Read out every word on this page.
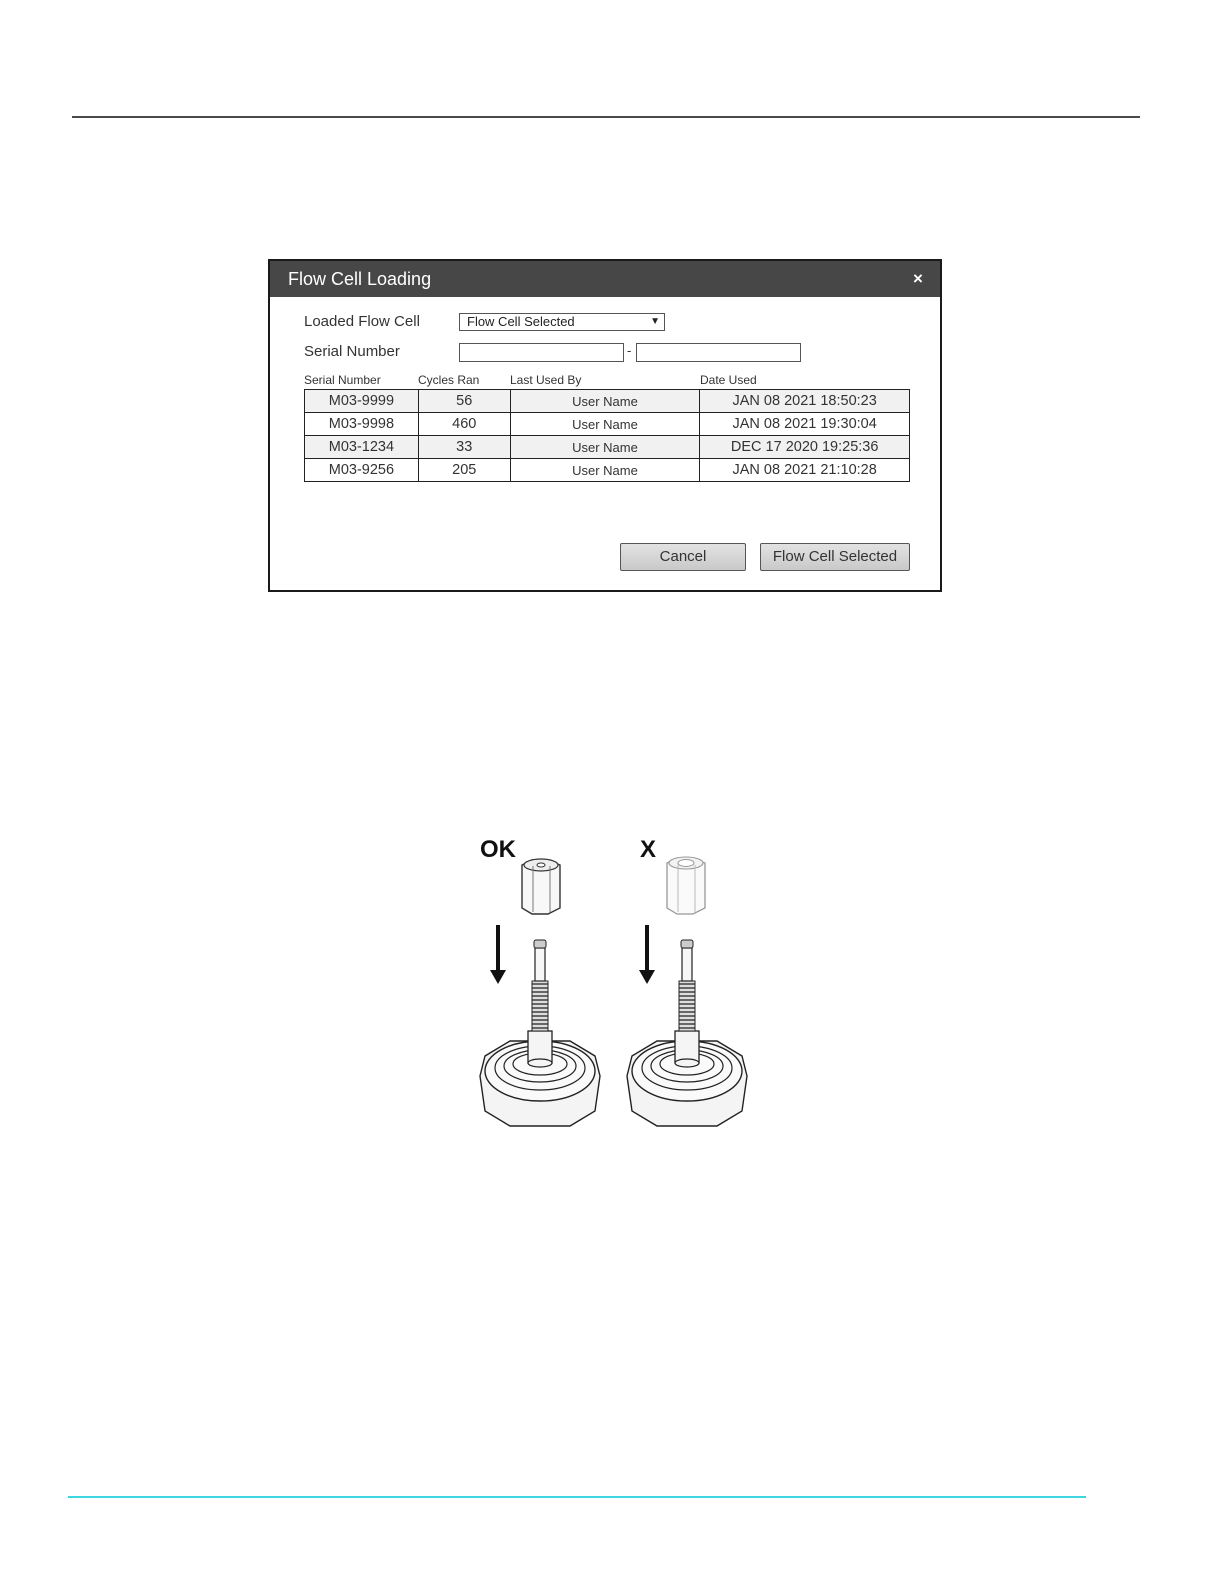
Flow Cell Loading	×
Loaded Flow Cell	Flow Cell Selected	▼
Serial Number	-
Serial Number	Cycles Ran	Last Used By	Date Used
M03-9999	56	User Name	JAN 08 2021 18:50:23
M03-9998	460	User Name	JAN 08 2021 19:30:04
M03-1234	33	User Name	DEC 17 2020 19:25:36
M03-9256	205	User Name	JAN 08 2021 21:10:28
Cancel	Flow Cell Selected
OK	X
